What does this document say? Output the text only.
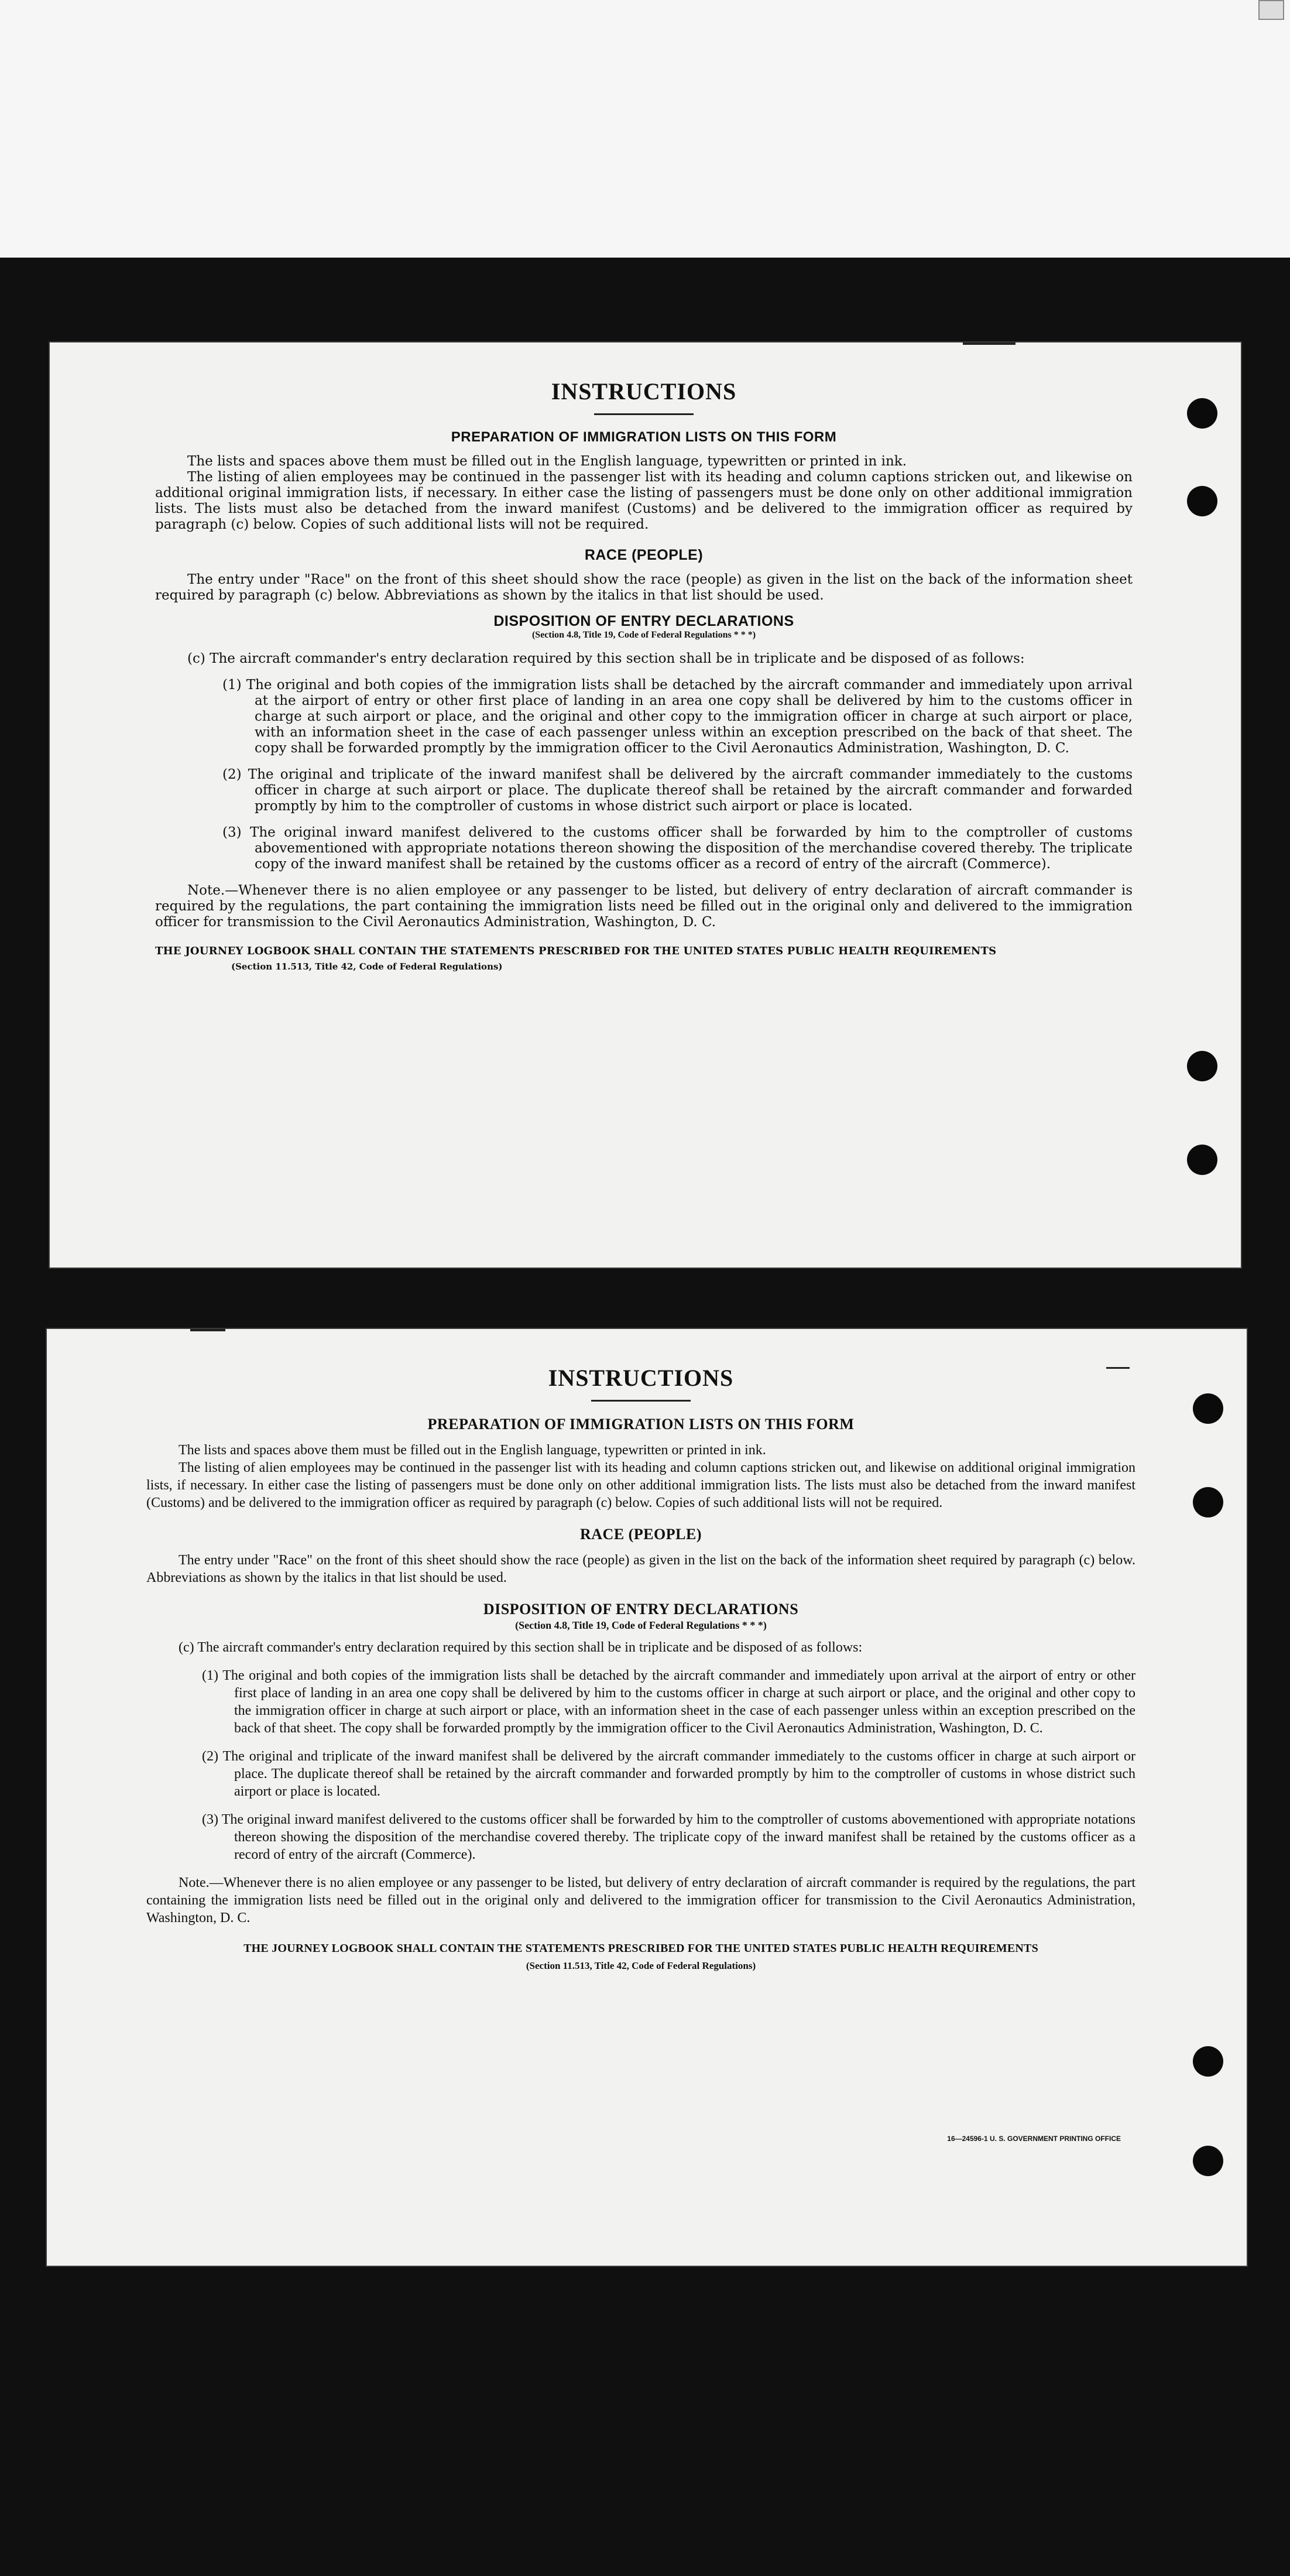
INSTRUCTIONS
PREPARATION OF IMMIGRATION LISTS ON THIS FORM

The lists and spaces above them must be filled out in the English language, typewritten or printed in ink.

The listing of alien employees may be continued in the passenger list with its heading and column captions stricken out, and likewise on additional original immigration lists, if necessary. In either case the listing of passengers must be done only on other additional immigration lists. The lists must also be detached from the inward manifest (Customs) and be delivered to the immigration officer as required by paragraph (c) below. Copies of such additional lists will not be required.

RACE (PEOPLE)

The entry under "Race" on the front of this sheet should show the race (people) as given in the list on the back of the information sheet required by paragraph (c) below. Abbreviations as shown by the italics in that list should be used.

DISPOSITION OF ENTRY DECLARATIONS
(Section 4.8, Title 19, Code of Federal Regulations * * *)

(c) The aircraft commander's entry declaration required by this section shall be in triplicate and be disposed of as follows:

(1) The original and both copies of the immigration lists shall be detached by the aircraft commander and immediately upon arrival at the airport of entry or other first place of landing in an area one copy shall be delivered by him to the customs officer in charge at such airport or place, and the original and other copy to the immigration officer in charge at such airport or place, with an information sheet in the case of each passenger unless within an exception prescribed on the back of that sheet. The copy shall be forwarded promptly by the immigration officer to the Civil Aeronautics Administration, Washington, D. C.

(2) The original and triplicate of the inward manifest shall be delivered by the aircraft commander immediately to the customs officer in charge at such airport or place. The duplicate thereof shall be retained by the aircraft commander and forwarded promptly by him to the comptroller of customs in whose district such airport or place is located.

(3) The original inward manifest delivered to the customs officer shall be forwarded by him to the comptroller of customs abovementioned with appropriate notations thereon showing the disposition of the merchandise covered thereby. The triplicate copy of the inward manifest shall be retained by the customs officer as a record of entry of the aircraft (Commerce).

Note.—Whenever there is no alien employee or any passenger to be listed, but delivery of entry declaration of aircraft commander is required by the regulations, the part containing the immigration lists need be filled out in the original only and delivered to the immigration officer for transmission to the Civil Aeronautics Administration, Washington, D. C.

THE JOURNEY LOGBOOK SHALL CONTAIN THE STATEMENTS PRESCRIBED FOR THE UNITED STATES PUBLIC HEALTH REQUIREMENTS

(Section 11.513, Title 42, Code of Federal Regulations)

INSTRUCTIONS
PREPARATION OF IMMIGRATION LISTS ON THIS FORM

The lists and spaces above them must be filled out in the English language, typewritten or printed in ink.

The listing of alien employees may be continued in the passenger list with its heading and column captions stricken out, and likewise on additional original immigration lists, if necessary. In either case the listing of passengers must be done only on other additional immigration lists. The lists must also be detached from the inward manifest (Customs) and be delivered to the immigration officer as required by paragraph (c) below. Copies of such additional lists will not be required.

RACE (PEOPLE)

The entry under "Race" on the front of this sheet should show the race (people) as given in the list on the back of the information sheet required by paragraph (c) below. Abbreviations as shown by the italics in that list should be used.

DISPOSITION OF ENTRY DECLARATIONS
(Section 4.8, Title 19, Code of Federal Regulations * * *)

(c) The aircraft commander's entry declaration required by this section shall be in triplicate and be disposed of as follows:

(1) The original and both copies of the immigration lists shall be detached by the aircraft commander and immediately upon arrival at the airport of entry or other first place of landing in an area one copy shall be delivered by him to the customs officer in charge at such airport or place, and the original and other copy to the immigration officer in charge at such airport or place, with an information sheet in the case of each passenger unless within an exception prescribed on the back of that sheet. The copy shall be forwarded promptly by the immigration officer to the Civil Aeronautics Administration, Washington, D. C.

(2) The original and triplicate of the inward manifest shall be delivered by the aircraft commander immediately to the customs officer in charge at such airport or place. The duplicate thereof shall be retained by the aircraft commander and forwarded promptly by him to the comptroller of customs in whose district such airport or place is located.

(3) The original inward manifest delivered to the customs officer shall be forwarded by him to the comptroller of customs abovementioned with appropriate notations thereon showing the disposition of the merchandise covered thereby. The triplicate copy of the inward manifest shall be retained by the customs officer as a record of entry of the aircraft (Commerce).

Note.—Whenever there is no alien employee or any passenger to be listed, but delivery of entry declaration of aircraft commander is required by the regulations, the part containing the immigration lists need be filled out in the original only and delivered to the immigration officer for transmission to the Civil Aeronautics Administration, Washington, D. C.

THE JOURNEY LOGBOOK SHALL CONTAIN THE STATEMENTS PRESCRIBED FOR THE UNITED STATES PUBLIC HEALTH REQUIREMENTS

(Section 11.513, Title 42, Code of Federal Regulations)

16—24596-1 U. S. GOVERNMENT PRINTING OFFICE
